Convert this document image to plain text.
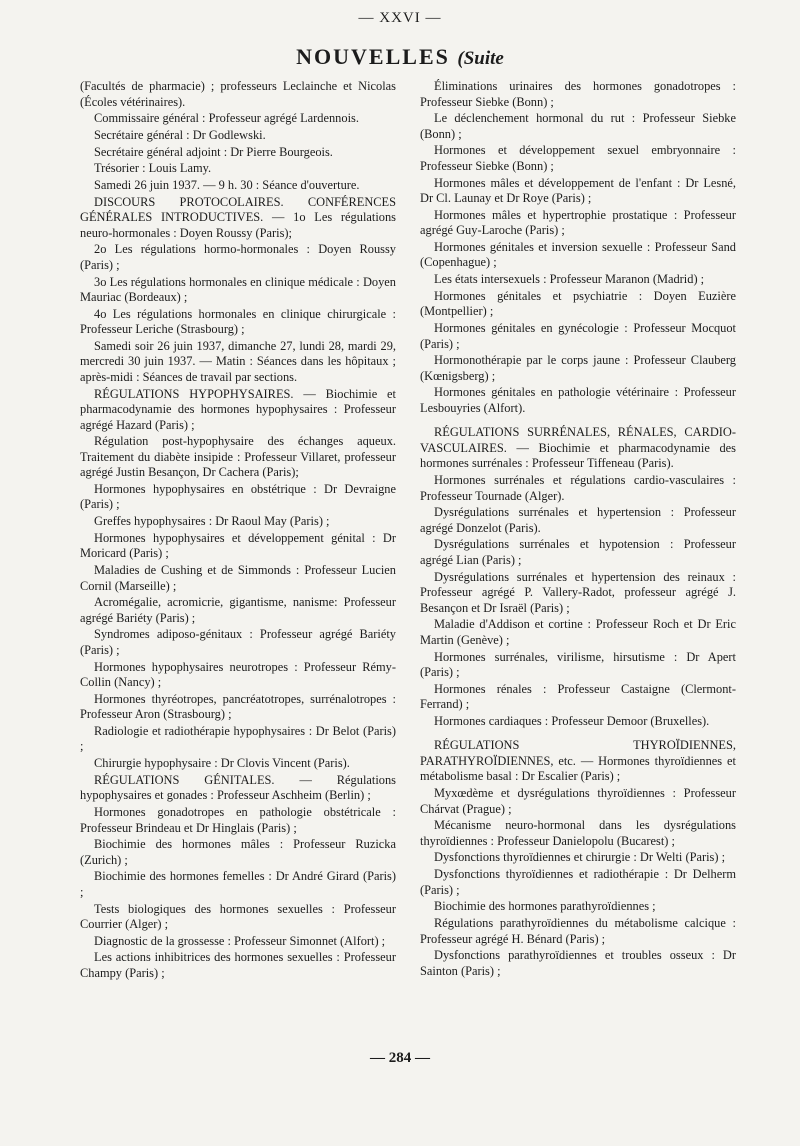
— XXVI —
NOUVELLES (Suite

(Facultés de pharmacie) ; professeurs Leclainche et Nicolas (Écoles vétérinaires).

Commissaire général : Professeur agrégé Lardennois.

Secrétaire général : Dr Godlewski.

Secrétaire général adjoint : Dr Pierre Bourgeois.

Trésorier : Louis Lamy.

Samedi 26 juin 1937. — 9 h. 30 : Séance d'ouverture.

DISCOURS PROTOCOLAIRES. CONFÉRENCES GÉNÉRALES INTRODUCTIVES. — 1o Les régulations neuro-hormonales : Doyen Roussy (Paris);

2o Les régulations hormo-hormonales : Doyen Roussy (Paris) ;

3o Les régulations hormonales en clinique médicale : Doyen Mauriac (Bordeaux) ;

4o Les régulations hormonales en clinique chirurgicale : Professeur Leriche (Strasbourg) ;

Samedi soir 26 juin 1937, dimanche 27, lundi 28, mardi 29, mercredi 30 juin 1937. — Matin : Séances dans les hôpitaux ; après-midi : Séances de travail par sections.

RÉGULATIONS HYPOPHYSAIRES. — Biochimie et pharmacodynamie des hormones hypophysaires : Professeur agrégé Hazard (Paris) ;

Régulation post-hypophysaire des échanges aqueux. Traitement du diabète insipide : Professeur Villaret, professeur agrégé Justin Besançon, Dr Cachera (Paris);

Hormones hypophysaires en obstétrique : Dr Devraigne (Paris) ;

Greffes hypophysaires : Dr Raoul May (Paris) ;

Hormones hypophysaires et développement génital : Dr Moricard (Paris) ;

Maladies de Cushing et de Simmonds : Professeur Lucien Cornil (Marseille) ;

Acromégalie, acromicrie, gigantisme, nanisme: Professeur agrégé Bariéty (Paris) ;

Syndromes adiposo-génitaux : Professeur agrégé Bariéty (Paris) ;

Hormones hypophysaires neurotropes : Professeur Rémy-Collin (Nancy) ;

Hormones thyréotropes, pancréatotropes, surrénalotropes : Professeur Aron (Strasbourg) ;

Radiologie et radiothérapie hypophysaires : Dr Belot (Paris) ;

Chirurgie hypophysaire : Dr Clovis Vincent (Paris).

RÉGULATIONS GÉNITALES. — Régulations hypophysaires et gonades : Professeur Aschheim (Berlin) ;

Hormones gonadotropes en pathologie obstétricale : Professeur Brindeau et Dr Hinglais (Paris) ;

Biochimie des hormones mâles : Professeur Ruzicka (Zurich) ;

Biochimie des hormones femelles : Dr André Girard (Paris) ;

Tests biologiques des hormones sexuelles : Professeur Courrier (Alger) ;

Diagnostic de la grossesse : Professeur Simonnet (Alfort) ;

Les actions inhibitrices des hormones sexuelles : Professeur Champy (Paris) ;

Éliminations urinaires des hormones gonadotropes : Professeur Siebke (Bonn) ;

Le déclenchement hormonal du rut : Professeur Siebke (Bonn) ;

Hormones et développement sexuel embryonnaire : Professeur Siebke (Bonn) ;

Hormones mâles et développement de l'enfant : Dr Lesné, Dr Cl. Launay et Dr Roye (Paris) ;

Hormones mâles et hypertrophie prostatique : Professeur agrégé Guy-Laroche (Paris) ;

Hormones génitales et inversion sexuelle : Professeur Sand (Copenhague) ;

Les états intersexuels : Professeur Maranon (Madrid) ;

Hormones génitales et psychiatrie : Doyen Euzière (Montpellier) ;

Hormones génitales en gynécologie : Professeur Mocquot (Paris) ;

Hormonothérapie par le corps jaune : Professeur Clauberg (Kœnigsberg) ;

Hormones génitales en pathologie vétérinaire : Professeur Lesbouyries (Alfort).

RÉGULATIONS SURRÉNALES, RÉNALES, CARDIO-VASCULAIRES. — Biochimie et pharmacodynamie des hormones surrénales : Professeur Tiffeneau (Paris).

Hormones surrénales et régulations cardio-vasculaires : Professeur Tournade (Alger).

Dysrégulations surrénales et hypertension : Professeur agrégé Donzelot (Paris).

Dysrégulations surrénales et hypotension : Professeur agrégé Lian (Paris) ;

Dysrégulations surrénales et hypertension des reinaux : Professeur agrégé P. Vallery-Radot, professeur agrégé J. Besançon et Dr Israël (Paris) ;

Maladie d'Addison et cortine : Professeur Roch et Dr Eric Martin (Genève) ;

Hormones surrénales, virilisme, hirsutisme : Dr Apert (Paris) ;

Hormones rénales : Professeur Castaigne (Clermont-Ferrand) ;

Hormones cardiaques : Professeur Demoor (Bruxelles).

RÉGULATIONS THYROÏDIENNES, PARATHYROÏDIENNES, etc. — Hormones thyroïdiennes et métabolisme basal : Dr Escalier (Paris) ;

Myxœdème et dysrégulations thyroïdiennes : Professeur Chárvat (Prague) ;

Mécanisme neuro-hormonal dans les dysrégulations thyroïdiennes : Professeur Danielopolu (Bucarest) ;

Dysfonctions thyroïdiennes et chirurgie : Dr Welti (Paris) ;

Dysfonctions thyroïdiennes et radiothérapie : Dr Delherm (Paris) ;

Biochimie des hormones parathyroïdiennes ;

Régulations parathyroïdiennes du métabolisme calcique : Professeur agrégé H. Bénard (Paris) ;

Dysfonctions parathyroïdiennes et troubles osseux : Dr Sainton (Paris) ;

— 284 —
